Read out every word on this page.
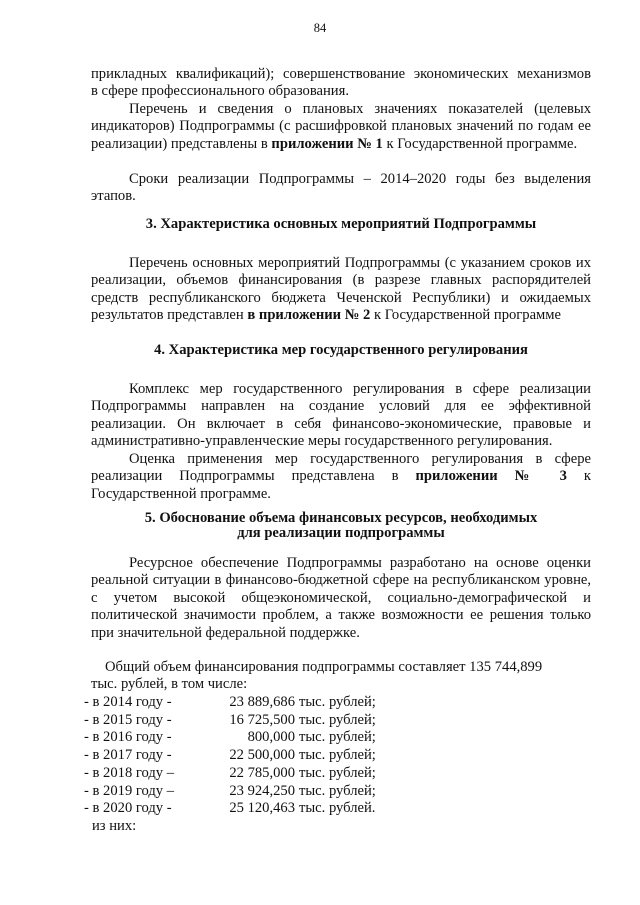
84

прикладных квалификаций); совершенствование экономических механизмов

в сфере профессионального образования.

Перечень и сведения о плановых значениях показателей (целевых индикаторов) Подпрограммы (с расшифровкой плановых значений по годам ее реализации) представлены в приложении № 1 к Государственной программе.

Сроки реализации Подпрограммы – 2014–2020 годы без выделения этапов.

3. Характеристика основных мероприятий Подпрограммы

Перечень основных мероприятий Подпрограммы (с указанием сроков их реализации, объемов финансирования (в разрезе главных распорядителей средств республиканского бюджета Чеченской Республики) и ожидаемых результатов представлен в приложении № 2 к Государственной программе

4. Характеристика мер государственного регулирования

Комплекс мер государственного регулирования в сфере реализации Подпрограммы направлен на создание условий для ее эффективной реализации. Он включает в себя финансово-экономические, правовые и административно-управленческие меры государственного регулирования.

Оценка применения мер государственного регулирования в сфере реализации Подпрограммы представлена в приложении № 3 к Государственной программе.

5. Обоснование объема финансовых ресурсов, необходимых
для реализации подпрограммы

Ресурсное обеспечение Подпрограммы разработано на основе оценки реальной ситуации в финансово-бюджетной сфере на республиканском уровне, с учетом высокой общеэкономической, социально-демографической и политической значимости проблем, а также возможности ее решения только при значительной федеральной поддержке.

Общий объем финансирования подпрограммы составляет 135 744,899
тыс. рублей, в том числе:
- в 2014 году -	23 889,686 тыс. рублей;
- в 2015 году -	16 725,500 тыс. рублей;
- в 2016 году -	800,000 тыс. рублей;
- в 2017 году -	22 500,000 тыс. рублей;
- в 2018 году –	22 785,000 тыс. рублей;
- в 2019 году –	23 924,250 тыс. рублей;
- в 2020 году -	25 120,463 тыс. рублей.
из них:
